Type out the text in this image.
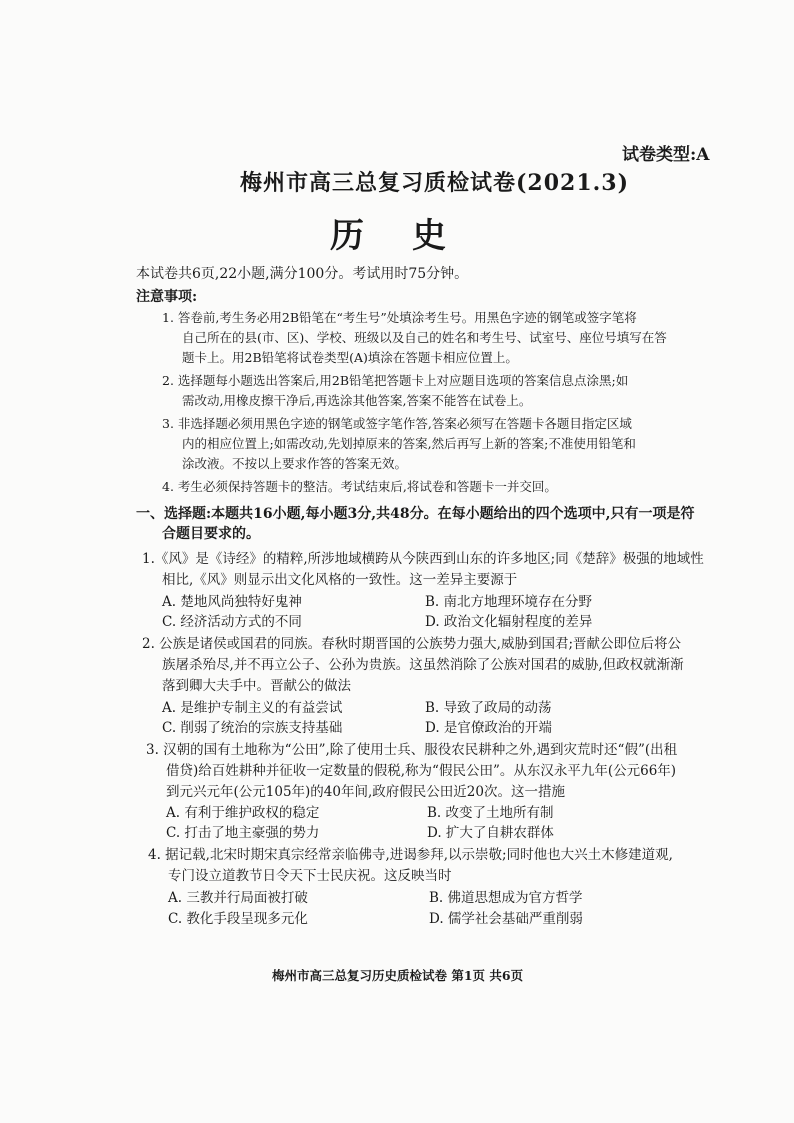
试卷类型:A
梅州市高三总复习质检试卷(2021.3)
历史
本试卷共6页,22小题,满分100分。考试用时75分钟。
注意事项:
1. 答卷前,考生务必用2B铅笔在“考生号”处填涂考生号。用黑色字迹的钢笔或签字笔将
自己所在的县(市、区)、学校、班级以及自己的姓名和考生号、试室号、座位号填写在答
题卡上。用2B铅笔将试卷类型(A)填涂在答题卡相应位置上。
2. 选择题每小题选出答案后,用2B铅笔把答题卡上对应题目选项的答案信息点涂黑;如
需改动,用橡皮擦干净后,再选涂其他答案,答案不能答在试卷上。
3. 非选择题必须用黑色字迹的钢笔或签字笔作答,答案必须写在答题卡各题目指定区域
内的相应位置上;如需改动,先划掉原来的答案,然后再写上新的答案;不准使用铅笔和
涂改液。不按以上要求作答的答案无效。
4. 考生必须保持答题卡的整洁。考试结束后,将试卷和答题卡一并交回。
一、选择题:本题共16小题,每小题3分,共48分。在每小题给出的四个选项中,只有一项是符
合题目要求的。
1.《风》是《诗经》的精粹,所涉地域横跨从今陕西到山东的许多地区;同《楚辞》极强的地域性
相比,《风》则显示出文化风格的一致性。这一差异主要源于
A. 楚地风尚独特好鬼神	B. 南北方地理环境存在分野
C. 经济活动方式的不同	D. 政治文化辐射程度的差异
2. 公族是诸侯或国君的同族。春秋时期晋国的公族势力强大,威胁到国君;晋献公即位后将公
族屠杀殆尽,并不再立公子、公孙为贵族。这虽然消除了公族对国君的威胁,但政权就渐渐
落到卿大夫手中。晋献公的做法
A. 是维护专制主义的有益尝试	B. 导致了政局的动荡
C. 削弱了统治的宗族支持基础	D. 是官僚政治的开端
3. 汉朝的国有土地称为“公田”,除了使用士兵、服役农民耕种之外,遇到灾荒时还“假”(出租
借贷)给百姓耕种并征收一定数量的假税,称为“假民公田”。从东汉永平九年(公元66年)
到元兴元年(公元105年)的40年间,政府假民公田近20次。这一措施
A. 有利于维护政权的稳定	B. 改变了土地所有制
C. 打击了地主豪强的势力	D. 扩大了自耕农群体
4. 据记载,北宋时期宋真宗经常亲临佛寺,进谒参拜,以示崇敬;同时他也大兴土木修建道观,
专门设立道教节日令天下士民庆祝。这反映当时
A. 三教并行局面被打破	B. 佛道思想成为官方哲学
C. 教化手段呈现多元化	D. 儒学社会基础严重削弱
梅州市高三总复习历史质检试卷 第1页 共6页
